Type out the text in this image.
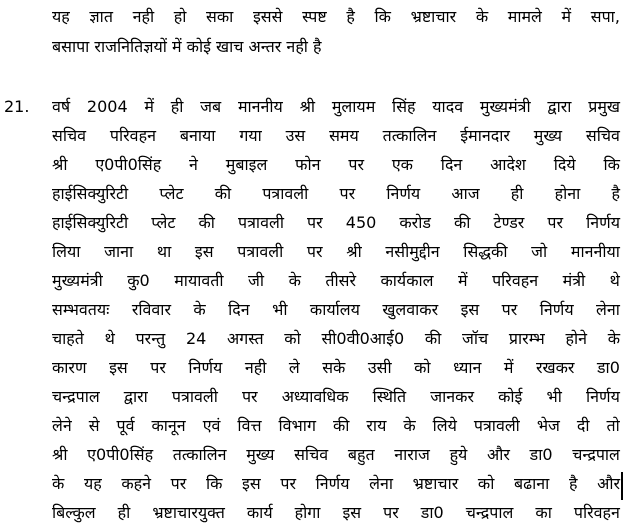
यह ज्ञात नही हो सका इससे स्पष्ट है कि भ्रष्टाचार के मामले में सपा,
बसापा राजनितिज्ञयों में कोई खाच अन्तर नही है
21. वर्ष 2004 में ही जब माननीय श्री मुलायम सिंह यादव मुख्यमंत्री द्वारा प्रमुख
सचिव परिवहन बनाया गया उस समय तत्कालिन ईमानदार मुख्य सचिव
श्री ए0पी0सिंह ने मुबाइल फोन पर एक दिन आदेश दिये कि
हाईसिक्युरिटी प्लेट की पत्रावली पर निर्णय आज ही होना है
हाईसिक्युरिटी प्लेट की पत्रावली पर 450 करोड की टेण्डर पर निर्णय
लिया जाना था इस पत्रावली पर श्री नसीमुद्दीन सिद्धकी जो माननीया
मुख्यमंत्री कु0 मायावती जी के तीसरे कार्यकाल में परिवहन मंत्री थे
सम्भवतयः रविवार के दिन भी कार्यालय खुलवाकर इस पर निर्णय लेना
चाहते थे परन्तु 24 अगस्त को सी0वी0आई0 की जॉच प्रारम्भ होने के
कारण इस पर निर्णय नही ले सके उसी को ध्यान में रखकर डा0
चन्द्रपाल द्वारा पत्रावली पर अध्यावधिक स्थिति जानकर कोई भी निर्णय
लेने से पूर्व कानून एवं वित्त विभाग की राय के लिये पत्रावली भेज दी तो
श्री ए0पी0सिंह तत्कालिन मुख्य सचिव बहुत नाराज हुये और डा0 चन्द्रपाल
के यह कहने पर कि इस पर निर्णय लेना भ्रष्टाचार को बढाना है और
बिल्कुल ही भ्रष्टाचारयुक्त कार्य होगा इस पर डा0 चन्द्रपाल का परिवहन
